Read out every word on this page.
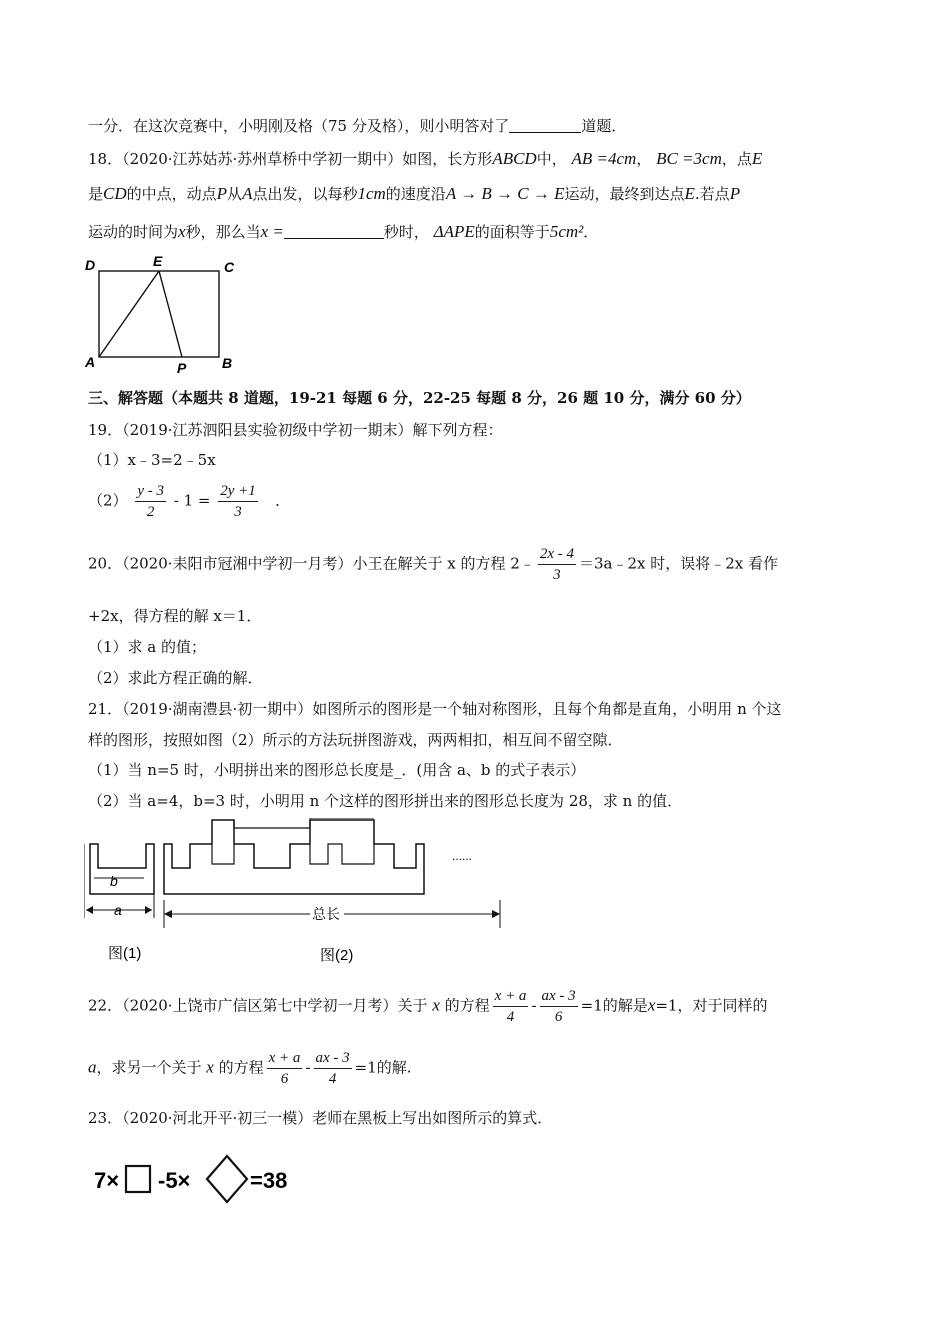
一分．在这次竞赛中，小明刚及格（75 分及格），则小明答对了	道题．
18．（2020·江苏姑苏·苏州草桥中学初一期中）如图，长方形ABCD中， AB =4cm， BC =3cm，点E
是CD的中点，动点P从A点出发，以每秒1cm的速度沿A → B → C → E运动，最终到达点E.若点P
运动的时间为x秒，那么当x =	秒时， ΔAPE的面积等于5cm²．
D	E	C
A	P	B
三、解答题（本题共 8 道题，19-21 每题 6 分，22-25 每题 8 分，26 题 10 分，满分 60 分）
19．（2019·江苏泗阳县实验初级中学初一期末）解下列方程：
（1）x﹣3=2﹣5x
$(2) \frac{y - 3}{2} - 1 = \frac{2y +1}{3}$ ．
20．（2020·耒阳市冠湘中学初一月考）小王在解关于 x 的方程 2﹣ $\frac{2x - 4}{3}$ ＝3a﹣2x 时，误将﹣2x 看作
+2x，得方程的解 x＝1．
（1）求 a 的值；
（2）求此方程正确的解．
21．（2019·湖南澧县·初一期中）如图所示的图形是一个轴对称图形，且每个角都是直角，小明用 n 个这
样的图形，按照如图（2）所示的方法玩拼图游戏，两两相扣，相互间不留空隙．
（1）当 n=5 时，小明拼出来的图形总长度是_．(用含 a、b 的式子表示）
（2）当 a=4，b=3 时，小明用 n 个这样的图形拼出来的图形总长度为 28，求 n 的值．
b
a
图(1)
......
总长
图(2)
22．（2020·上饶市广信区第七中学初一月考）关于 x 的方程 $\frac{x + a}{4} - \frac{ax - 3}{6} =1$的解是x=1，对于同样的
a，求另一个关于 x 的方程 $\frac{x + a}{6} - \frac{ax - 3}{4} =1$的解.
23．（2020·河北开平·初三一模）老师在黑板上写出如图所示的算式．
7× -5×	=38
